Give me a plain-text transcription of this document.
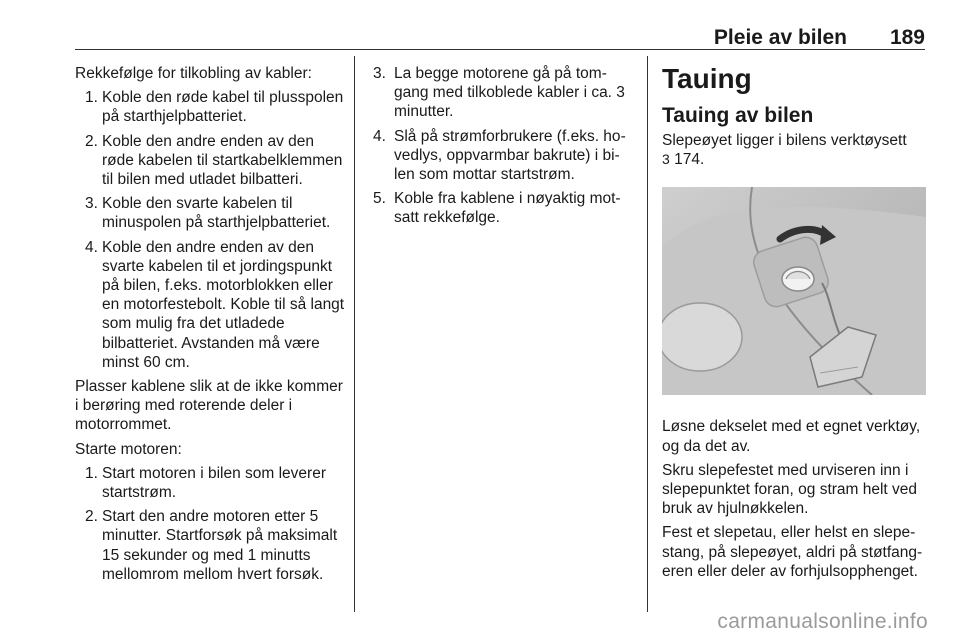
Pleie av bilen 189

Rekkefølge for tilkobling av kabler:

1. Koble den røde kabel til plusspolen på starthjelpbatteriet.
2. Koble den andre enden av den røde kabelen til startkabelklemmen til bilen med utladet bilbatteri.
3. Koble den svarte kabelen til minuspolen på starthjelpbatteriet.
4. Koble den andre enden av den svarte kabelen til et jordingspunkt på bilen, f.eks. motorblokken eller en motorfestebolt. Koble til så langt som mulig fra det utladede bilbatteriet. Avstanden må være minst 60 cm.

Plasser kablene slik at de ikke kommer i berøring med roterende deler i motorrommet.

Starte motoren:

1. Start motoren i bilen som leverer startstrøm.
2. Start den andre motoren etter 5 minutter. Startforsøk på maksimalt 15 sekunder og med 1 minutts mellomrom mellom hvert forsøk.
3. La begge motorene gå på tomgang med tilkoblede kabler i ca. 3 minutter.
4. Slå på strømforbrukere (f.eks. hovedlys, oppvarmbar bakrute) i bilen som mottar startstrøm.
5. Koble fra kablene i nøyaktig motsatt rekkefølge.
Tauing
Tauing av bilen

Slepeøyet ligger i bilens verktøysett
3 174.

Løsne dekselet med et egnet verktøy, og da det av.

Skru slepefestet med urviseren inn i slepepunktet foran, og stram helt ved bruk av hjulnøkkelen.

Fest et slepetau, eller helst en slepestang, på slepeøyet, aldri på støtfangeren eller deler av forhjulsopphenget.

carmanualsonline.info
